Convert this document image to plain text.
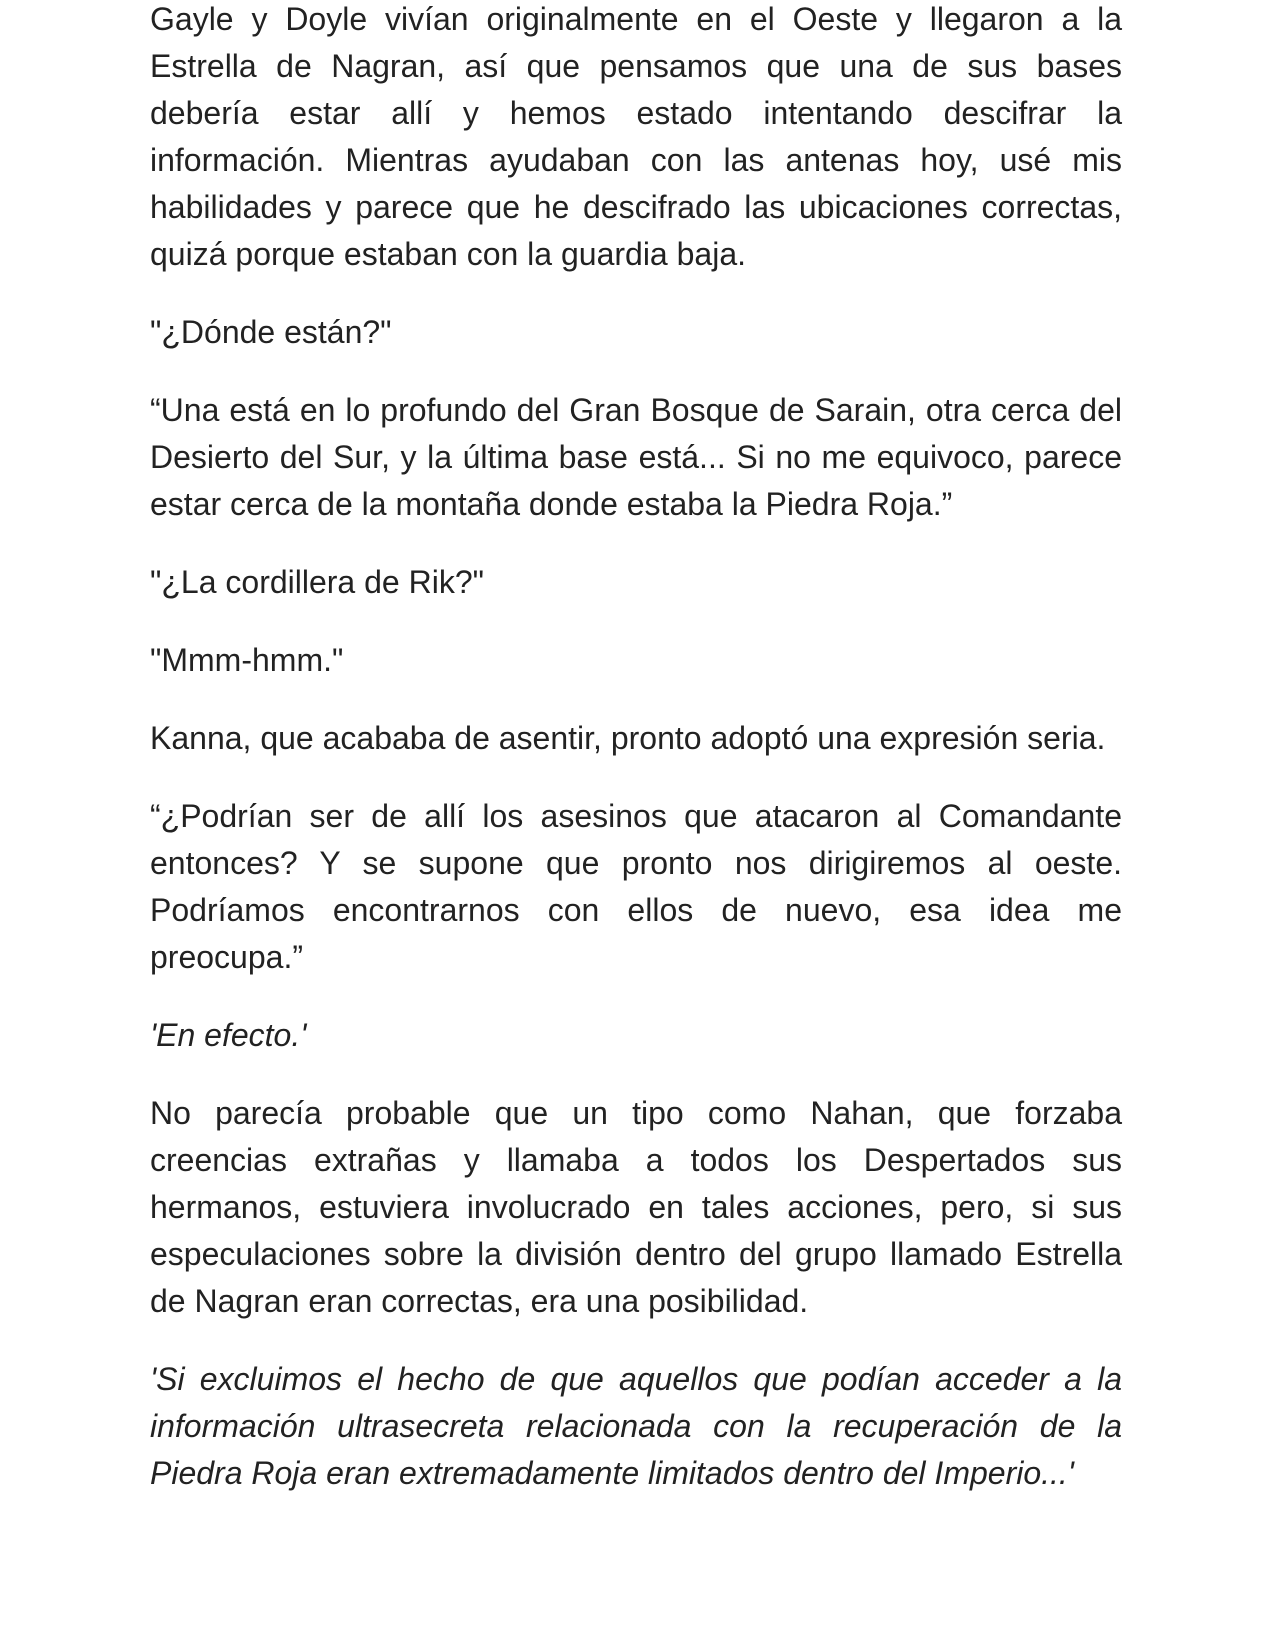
Gayle y Doyle vivían originalmente en el Oeste y llegaron a la Estrella de Nagran, así que pensamos que una de sus bases debería estar allí y hemos estado intentando descifrar la información. Mientras ayudaban con las antenas hoy, usé mis habilidades y parece que he descifrado las ubicaciones correctas, quizá porque estaban con la guardia baja.

"¿Dónde están?"

“Una está en lo profundo del Gran Bosque de Sarain, otra cerca del Desierto del Sur, y la última base está... Si no me equivoco, parece estar cerca de la montaña donde estaba la Piedra Roja.”

"¿La cordillera de Rik?"

"Mmm-hmm."

Kanna, que acababa de asentir, pronto adoptó una expresión seria.

“¿Podrían ser de allí los asesinos que atacaron al Comandante entonces? Y se supone que pronto nos dirigiremos al oeste. Podríamos encontrarnos con ellos de nuevo, esa idea me preocupa.”

'En efecto.'

No parecía probable que un tipo como Nahan, que forzaba creencias extrañas y llamaba a todos los Despertados sus hermanos, estuviera involucrado en tales acciones, pero, si sus especulaciones sobre la división dentro del grupo llamado Estrella de Nagran eran correctas, era una posibilidad.

'Si excluimos el hecho de que aquellos que podían acceder a la información ultrasecreta relacionada con la recuperación de la Piedra Roja eran extremadamente limitados dentro del Imperio...'
